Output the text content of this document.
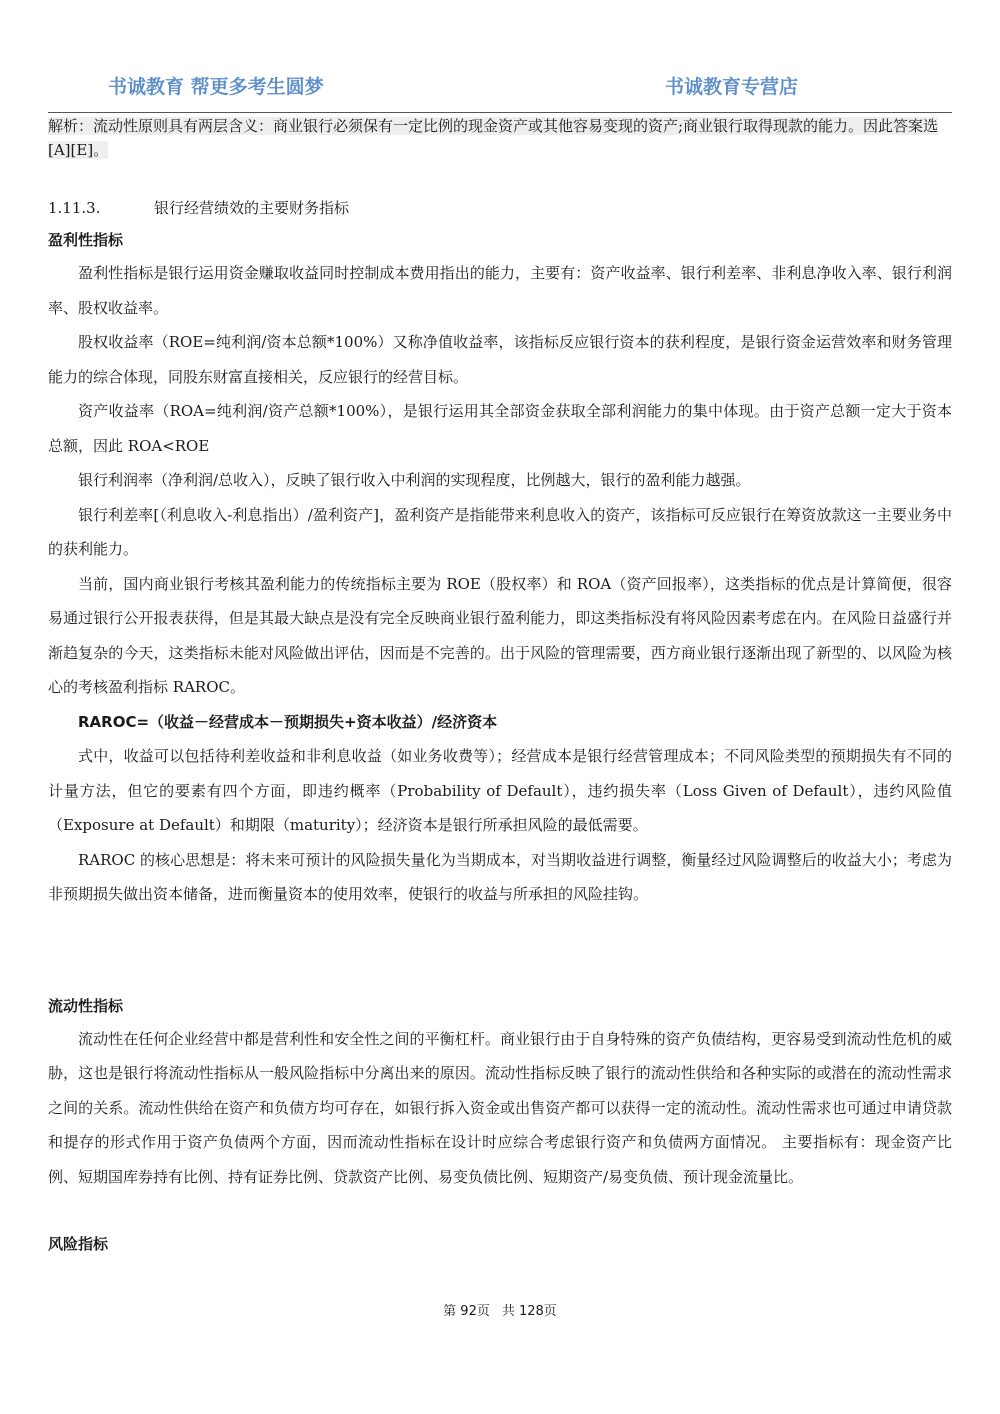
书诚教育 帮更多考生圆梦	书诚教育专营店

解析：流动性原则具有两层含义：商业银行必须保有一定比例的现金资产或其他容易变现的资产;商业银行取得现款的能力。因此答案选[A][E]。

1.11.3.	银行经营绩效的主要财务指标
盈利性指标

盈利性指标是银行运用资金赚取收益同时控制成本费用指出的能力，主要有：资产收益率、银行利差率、非利息净收入率、银行利润率、股权收益率。

股权收益率（ROE=纯利润/资本总额*100%）又称净值收益率，该指标反应银行资本的获利程度，是银行资金运营效率和财务管理能力的综合体现，同股东财富直接相关，反应银行的经营目标。

资产收益率（ROA=纯利润/资产总额*100%），是银行运用其全部资金获取全部利润能力的集中体现。由于资产总额一定大于资本总额，因此 ROA<ROE

银行利润率（净利润/总收入），反映了银行收入中利润的实现程度，比例越大，银行的盈利能力越强。

银行利差率[（利息收入-利息指出）/盈利资产]，盈利资产是指能带来利息收入的资产，该指标可反应银行在筹资放款这一主要业务中的获利能力。

当前，国内商业银行考核其盈利能力的传统指标主要为 ROE（股权率）和 ROA（资产回报率），这类指标的优点是计算简便，很容易通过银行公开报表获得，但是其最大缺点是没有完全反映商业银行盈利能力，即这类指标没有将风险因素考虑在内。在风险日益盛行并渐趋复杂的今天，这类指标未能对风险做出评估，因而是不完善的。出于风险的管理需要，西方商业银行逐渐出现了新型的、以风险为核心的考核盈利指标 RAROC。

RAROC=（收益－经营成本－预期损失+资本收益）/经济资本

式中，收益可以包括待利差收益和非利息收益（如业务收费等）；经营成本是银行经营管理成本；不同风险类型的预期损失有不同的计量方法，但它的要素有四个方面，即违约概率（Probability of Default），违约损失率（Loss Given of Default），违约风险值（Exposure at Default）和期限（maturity）；经济资本是银行所承担风险的最低需要。

RAROC 的核心思想是：将未来可预计的风险损失量化为当期成本，对当期收益进行调整，衡量经过风险调整后的收益大小；考虑为非预期损失做出资本储备，进而衡量资本的使用效率，使银行的收益与所承担的风险挂钩。

流动性指标

流动性在任何企业经营中都是营利性和安全性之间的平衡杠杆。商业银行由于自身特殊的资产负债结构，更容易受到流动性危机的威胁，这也是银行将流动性指标从一般风险指标中分离出来的原因。流动性指标反映了银行的流动性供给和各种实际的或潜在的流动性需求之间的关系。流动性供给在资产和负债方均可存在，如银行拆入资金或出售资产都可以获得一定的流动性。流动性需求也可通过申请贷款和提存的形式作用于资产负债两个方面，因而流动性指标在设计时应综合考虑银行资产和负债两方面情况。 主要指标有：现金资产比例、短期国库券持有比例、持有证券比例、贷款资产比例、易变负债比例、短期资产/易变负债、预计现金流量比。

风险指标
第 92页 共 128页
